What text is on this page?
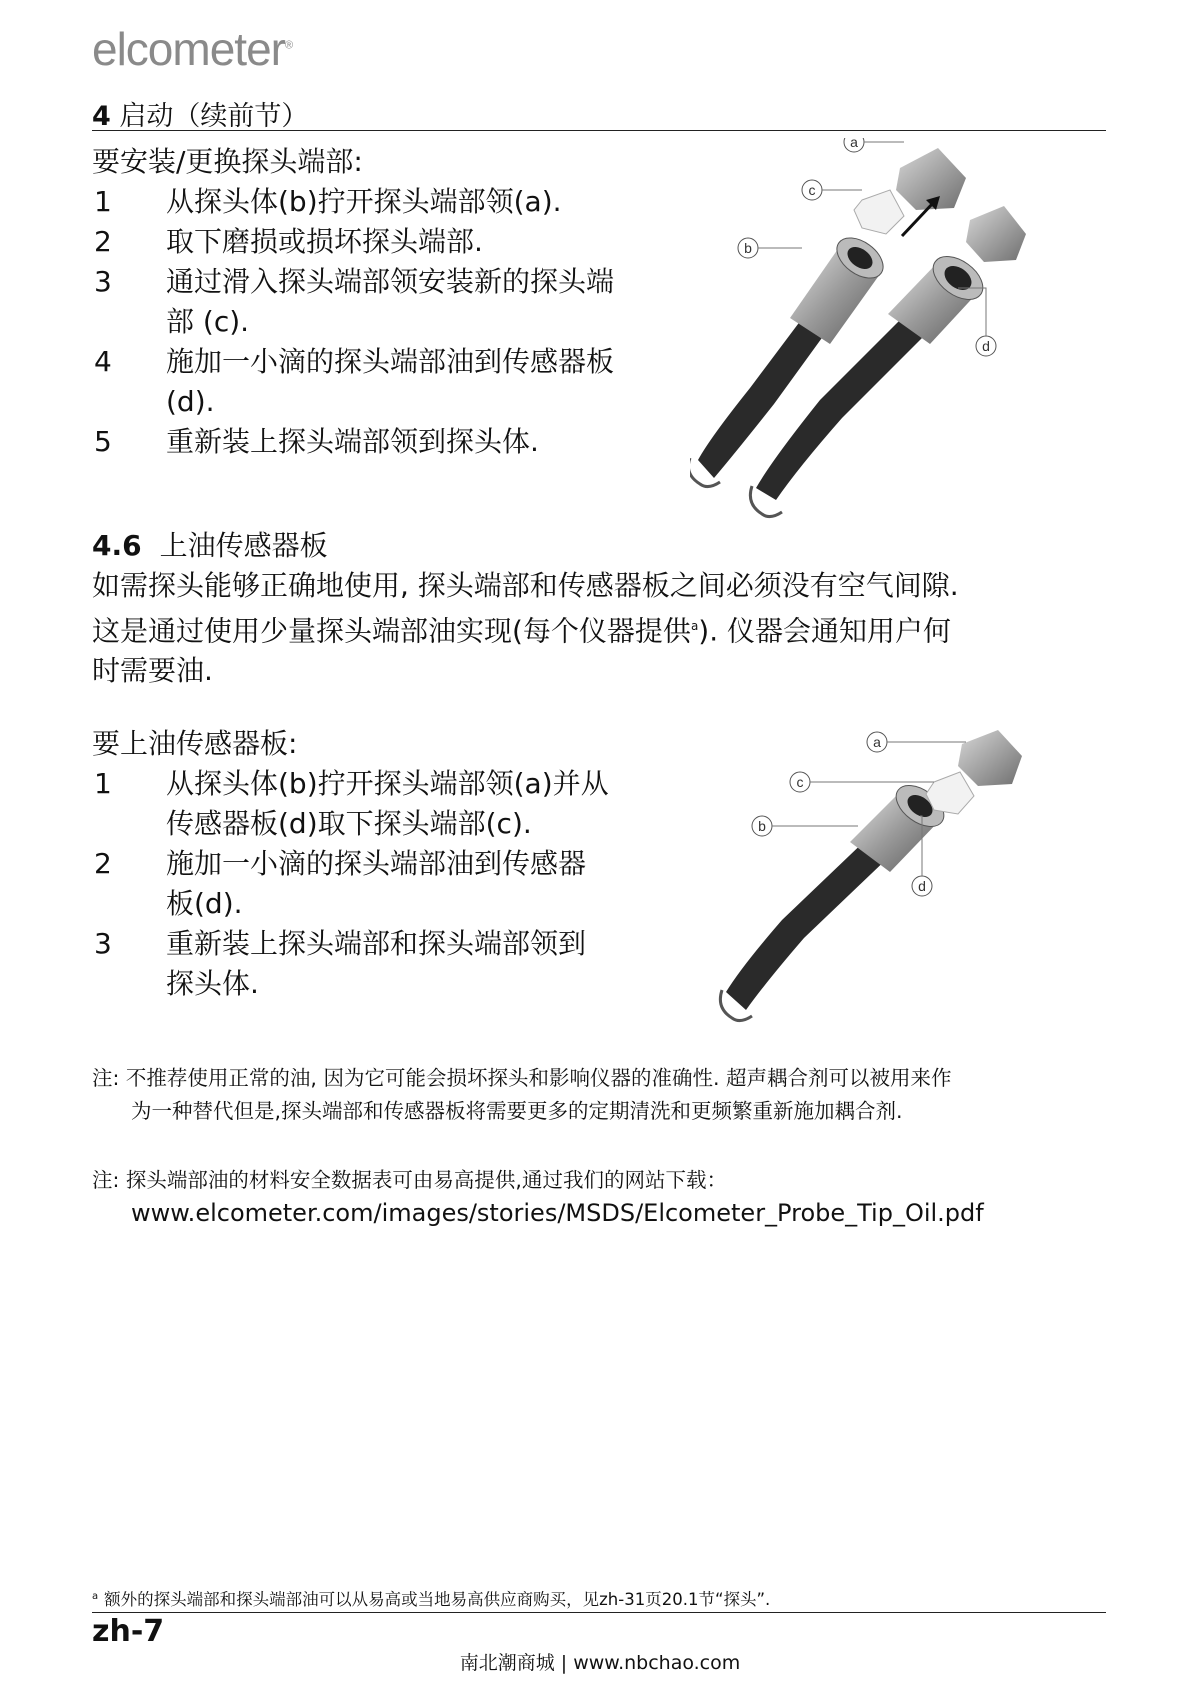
elcometer®
4 启动（续前节）
要安装/更换探头端部:
1 从探头体(b)拧开探头端部领(a).
2 取下磨损或损坏探头端部.
3 通过滑入探头端部领安装新的探头端
部 (c).
4 施加一小滴的探头端部油到传感器板
(d).
5 重新装上探头端部领到探头体.
a
c
b
d
4.6 上油传感器板
如需探头能够正确地使用, 探头端部和传感器板之间必须没有空气间隙.
这是通过使用少量探头端部油实现(每个仪器提供$^a$). 仪器会通知用户何
时需要油.
要上油传感器板:
1 从探头体(b)拧开探头端部领(a)并从
传感器板(d)取下探头端部(c).
2 施加一小滴的探头端部油到传感器
板(d).
3 重新装上探头端部和探头端部领到
探头体.
a
c
b
d
注: 不推荐使用正常的油, 因为它可能会损坏探头和影响仪器的准确性. 超声耦合剂可以被用来作
为一种替代但是,探头端部和传感器板将需要更多的定期清洗和更频繁重新施加耦合剂.
注: 探头端部油的材料安全数据表可由易高提供,通过我们的网站下载：
www.elcometer.com/images/stories/MSDS/Elcometer_Probe_Tip_Oil.pdf
$^a$ 额外的探头端部和探头端部油可以从易高或当地易高供应商购买，见zh-31页20.1节“探头”.
zh-7
南北潮商城 | www.nbchao.com
